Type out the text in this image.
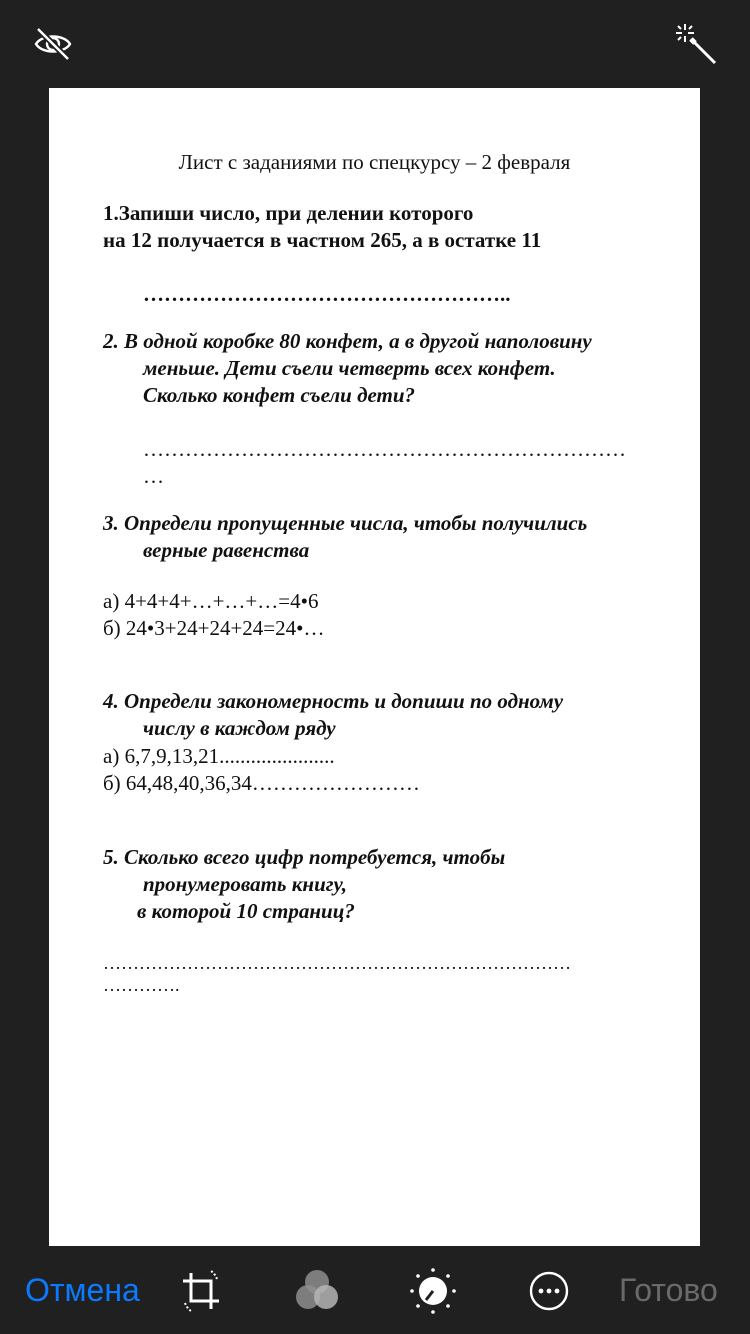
Лист с заданиями по спецкурсу – 2 февраля
1.Запиши число, при делении которого
на 12 получается в частном 265, а в остатке 11
……………………………………………..
2. В одной коробке 80 конфет, а в другой наполовину
меньше. Дети съели четверть всех конфет.
Сколько конфет съели дети?
……………………………………………………………
…
3. Определи пропущенные числа, чтобы получились
верные равенства
а) 4+4+4+…+…+…=4•6
б) 24•3+24+24+24=24•…
4. Определи закономерность и допиши по одному
числу в каждом ряду
а) 6,7,9,13,21......................
б) 64,48,40,36,34……………………
5. Сколько всего цифр потребуется, чтобы
пронумеровать книгу,
в которой 10 страниц?
……………………………………………………………………
………….
Отмена	Готово
